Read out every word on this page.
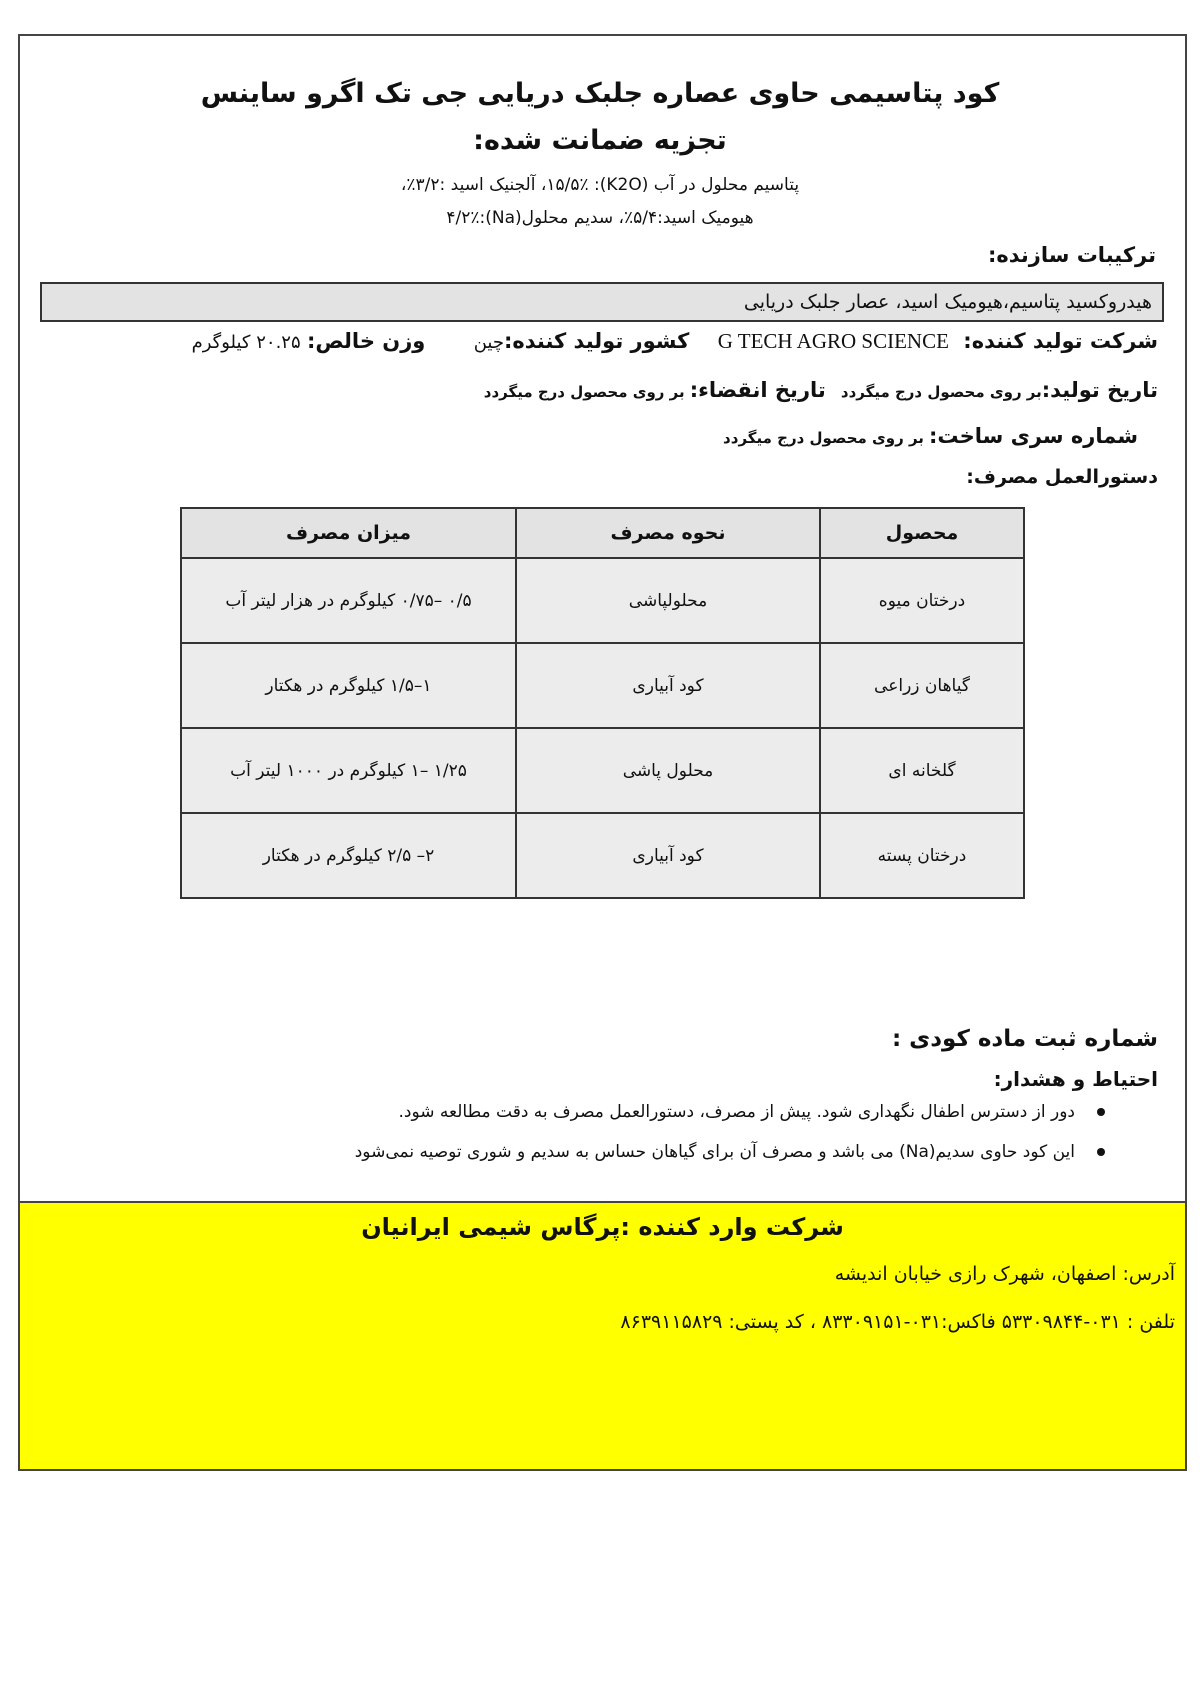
کود پتاسیمی حاوی عصاره جلبک دریایی جی تک اگرو ساینس
تجزیه ضمانت شده:
پتاسیم محلول در آب (K2O): ۱۵/۵٪، آلجنیک اسید :۳/۲٪،
هیومیک اسید:۵/۴٪، سدیم محلول(Na):۴/۲٪
ترکیبات سازنده:
هیدروکسید پتاسیم،هیومیک اسید، عصار جلبک دریایی
شرکت تولید کننده: G TECH AGRO SCIENCE کشور تولید کننده:چین وزن خالص: ۲۰.۲۵ کیلوگرم
تاریخ تولید:بر روی محصول درج میگردد تاریخ انقضاء: بر روی محصول درج میگردد
شماره سری ساخت: بر روی محصول درج میگردد
دستورالعمل مصرف:
محصول	نحوه مصرف	میزان مصرف
درختان میوه	محلولپاشی	۰/۵ –۰/۷۵ کیلوگرم در هزار لیتر آب
گیاهان زراعی	کود آبیاری	۱–۱/۵ کیلوگرم در هکتار
گلخانه ای	محلول پاشی	۱/۲۵ –۱ کیلوگرم در ۱۰۰۰ لیتر آب
درختان پسته	کود آبیاری	۲– ۲/۵ کیلوگرم در هکتار
شماره ثبت ماده کودی :
احتیاط و هشدار:
دور از دسترس اطفال نگهداری شود. پیش از مصرف، دستورالعمل مصرف به دقت مطالعه شود.
این کود حاوی سدیم(Na) می باشد و مصرف آن برای گیاهان حساس به سدیم و شوری توصیه نمی‌شود
شرکت وارد کننده :پرگاس شیمی ایرانیان
آدرس: اصفهان، شهرک رازی خیابان اندیشه
تلفن : ۰۳۱-۵۳۳۰۹۸۴۴ فاکس:۰۳۱-۸۳۳۰۹۱۵۱ ، کد پستی: ۸۶۳۹۱۱۵۸۲۹
